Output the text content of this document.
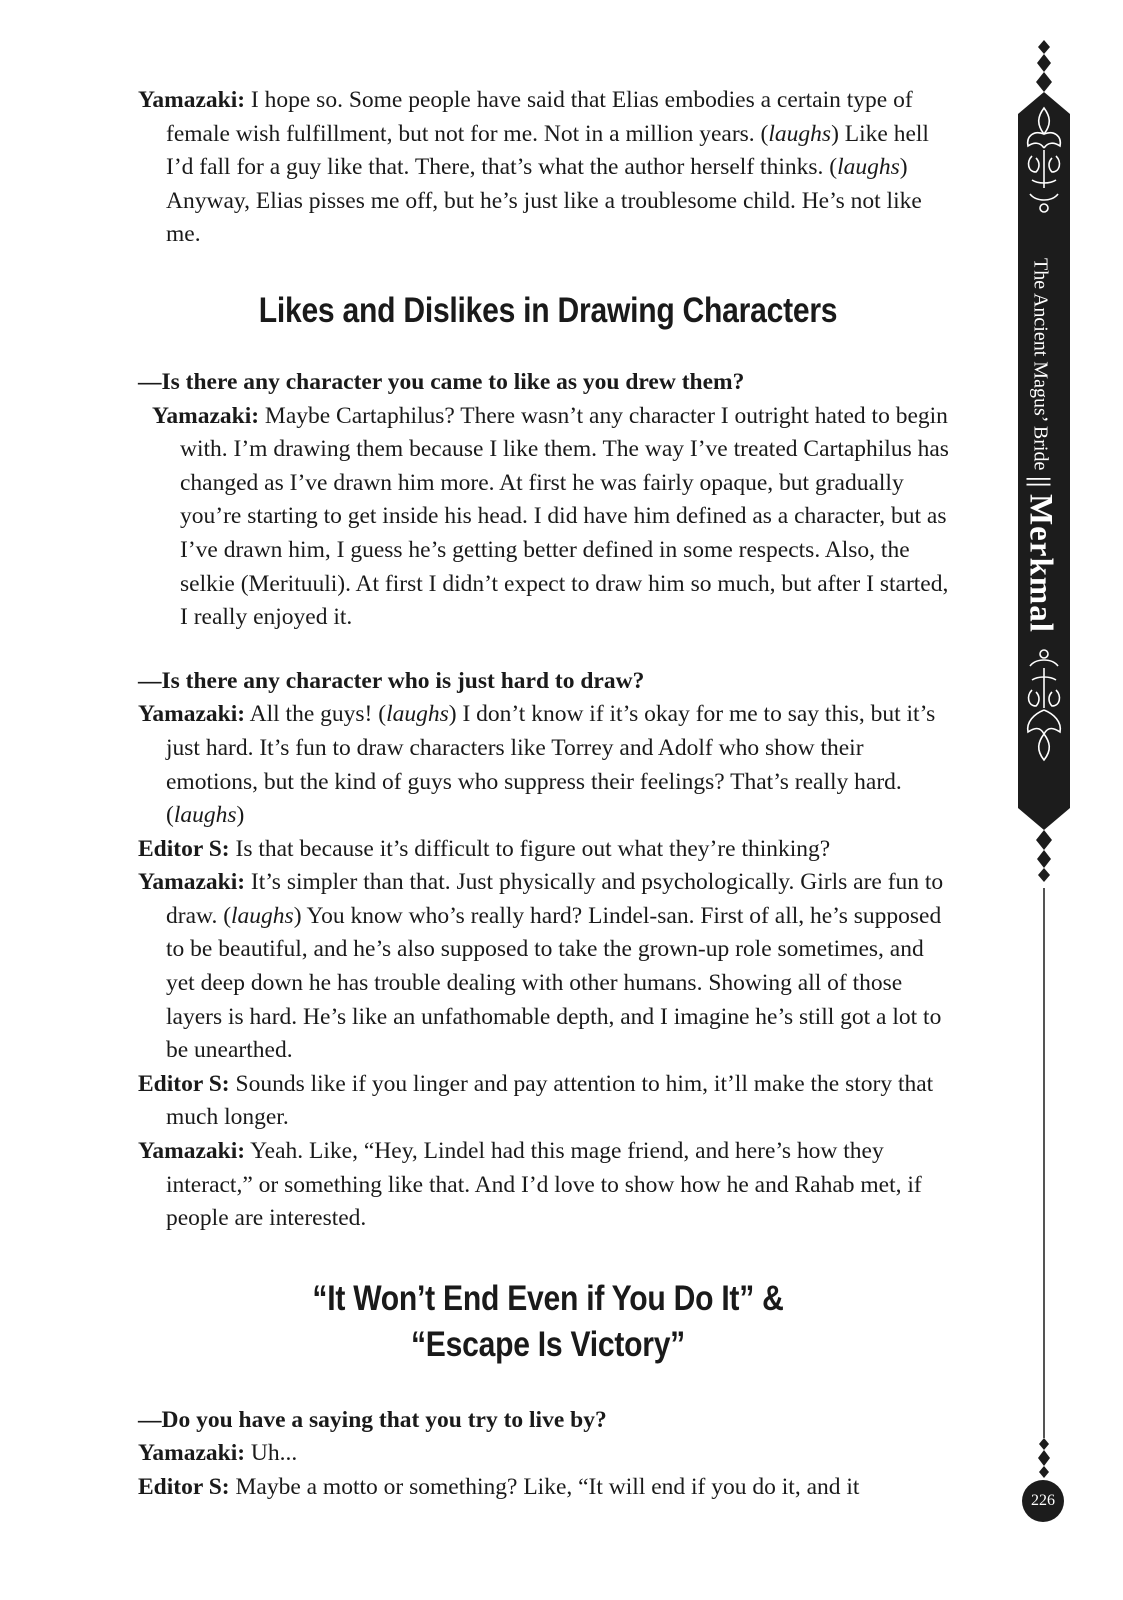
Yamazaki: I hope so. Some people have said that Elias embodies a certain type of female wish fulfillment, but not for me. Not in a million years. (laughs) Like hell I’d fall for a guy like that. There, that’s what the author herself thinks. (laughs) Anyway, Elias pisses me off, but he’s just like a troublesome child. He’s not like me.

Likes and Dislikes in Drawing Characters

—Is there any character you came to like as you drew them?

Yamazaki: Maybe Cartaphilus? There wasn’t any character I outright hated to begin with. I’m drawing them because I like them. The way I’ve treated Cartaphilus has changed as I’ve drawn him more. At first he was fairly opaque, but gradually you’re starting to get inside his head. I did have him defined as a character, but as I’ve drawn him, I guess he’s getting better defined in some respects. Also, the selkie (Merituuli). At first I didn’t expect to draw him so much, but after I started, I really enjoyed it.

—Is there any character who is just hard to draw?

Yamazaki: All the guys! (laughs) I don’t know if it’s okay for me to say this, but it’s just hard. It’s fun to draw characters like Torrey and Adolf who show their emotions, but the kind of guys who suppress their feelings? That’s really hard. (laughs)

Editor S: Is that because it’s difficult to figure out what they’re thinking?

Yamazaki: It’s simpler than that. Just physically and psychologically. Girls are fun to draw. (laughs) You know who’s really hard? Lindel-san. First of all, he’s supposed to be beautiful, and he’s also supposed to take the grown-up role sometimes, and yet deep down he has trouble dealing with other humans. Showing all of those layers is hard. He’s like an unfathomable depth, and I imagine he’s still got a lot to be unearthed.

Editor S: Sounds like if you linger and pay attention to him, it’ll make the story that much longer.

Yamazaki: Yeah. Like, “Hey, Lindel had this mage friend, and here’s how they interact,” or something like that. And I’d love to show how he and Rahab met, if people are interested.

“It Won’t End Even if You Do It” &
“Escape Is Victory”

—Do you have a saying that you try to live by?

Yamazaki: Uh...

Editor S: Maybe a motto or something? Like, “It will end if you do it, and it

The Ancient Magus’ Bride
||
Merkmal
226
